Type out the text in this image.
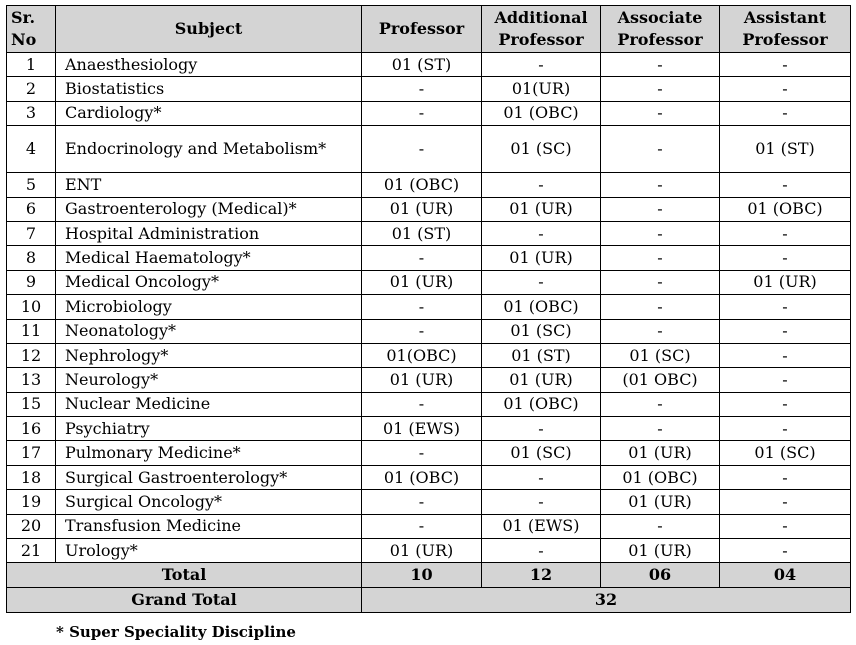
Sr. No	Subject	Professor	Additional Professor	Associate Professor	Assistant Professor
1	Anaesthesiology	01 (ST)	-	-	-
2	Biostatistics	-	01(UR)	-	-
3	Cardiology*	-	01 (OBC)	-	-
4	Endocrinology and Metabolism*	-	01 (SC)	-	01 (ST)
5	ENT	01 (OBC)	-	-	-
6	Gastroenterology (Medical)*	01 (UR)	01 (UR)	-	01 (OBC)
7	Hospital Administration	01 (ST)	-	-	-
8	Medical Haematology*	-	01 (UR)	-	-
9	Medical Oncology*	01 (UR)	-	-	01 (UR)
10	Microbiology	-	01 (OBC)	-	-
11	Neonatology*	-	01 (SC)	-	-
12	Nephrology*	01(OBC)	01 (ST)	01 (SC)	-
13	Neurology*	01 (UR)	01 (UR)	(01 OBC)	-
15	Nuclear Medicine	-	01 (OBC)	-	-
16	Psychiatry	01 (EWS)	-	-	-
17	Pulmonary Medicine*	-	01 (SC)	01 (UR)	01 (SC)
18	Surgical Gastroenterology*	01 (OBC)	-	01 (OBC)	-
19	Surgical Oncology*	-	-	01 (UR)	-
20	Transfusion Medicine	-	01 (EWS)	-	-
21	Urology*	01 (UR)	-	01 (UR)	-
Total		10	12	06	04
Grand Total		32			
* Super Speciality Discipline
